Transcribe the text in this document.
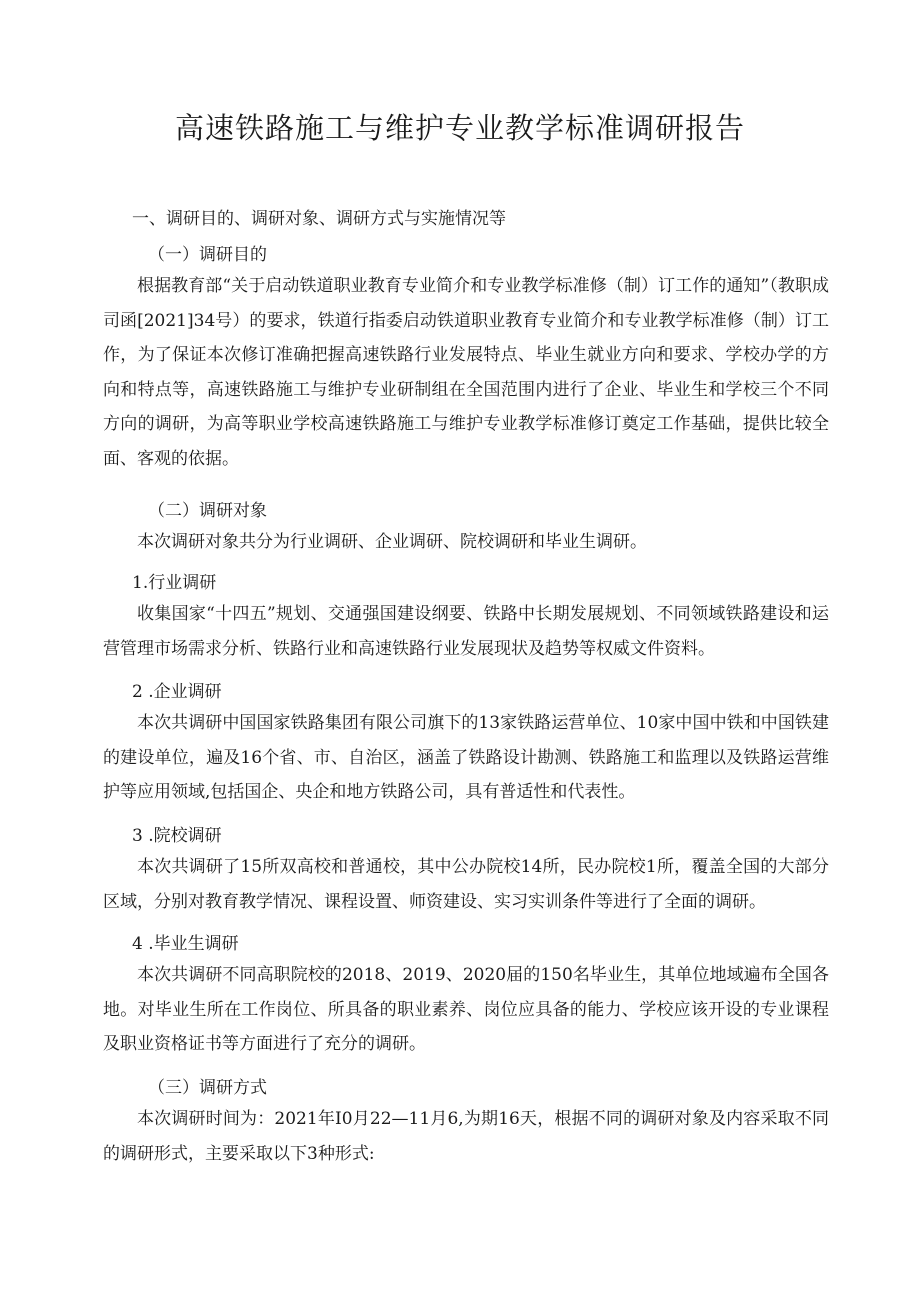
高速铁路施工与维护专业教学标准调研报告

一、调研目的、调研对象、调研方式与实施情况等

（一）调研目的

根据教育部“关于启动铁道职业教育专业简介和专业教学标准修（制）订工作的通知”（教职成司函[2021]34号）的要求，铁道行指委启动铁道职业教育专业简介和专业教学标准修（制）订工作，为了保证本次修订准确把握高速铁路行业发展特点、毕业生就业方向和要求、学校办学的方向和特点等，高速铁路施工与维护专业研制组在全国范围内进行了企业、毕业生和学校三个不同方向的调研，为高等职业学校高速铁路施工与维护专业教学标准修订奠定工作基础，提供比较全面、客观的依据。

（二）调研对象

本次调研对象共分为行业调研、企业调研、院校调研和毕业生调研。

1.行业调研

收集国家“十四五”规划、交通强国建设纲要、铁路中长期发展规划、不同领域铁路建设和运营管理市场需求分析、铁路行业和高速铁路行业发展现状及趋势等权威文件资料。

2 .企业调研

本次共调研中国国家铁路集团有限公司旗下的13家铁路运营单位、10家中国中铁和中国铁建的建设单位，遍及16个省、市、自治区，涵盖了铁路设计勘测、铁路施工和监理以及铁路运营维护等应用领域,包括国企、央企和地方铁路公司，具有普适性和代表性。

3 .院校调研

本次共调研了15所双高校和普通校，其中公办院校14所，民办院校1所，覆盖全国的大部分区域，分别对教育教学情况、课程设置、师资建设、实习实训条件等进行了全面的调研。

4 .毕业生调研

本次共调研不同高职院校的2018、2019、2020届的150名毕业生，其单位地域遍布全国各地。对毕业生所在工作岗位、所具备的职业素养、岗位应具备的能力、学校应该开设的专业课程及职业资格证书等方面进行了充分的调研。

（三）调研方式

本次调研时间为：2021年I0月22—11月6,为期16天，根据不同的调研对象及内容采取不同的调研形式，主要采取以下3种形式:
